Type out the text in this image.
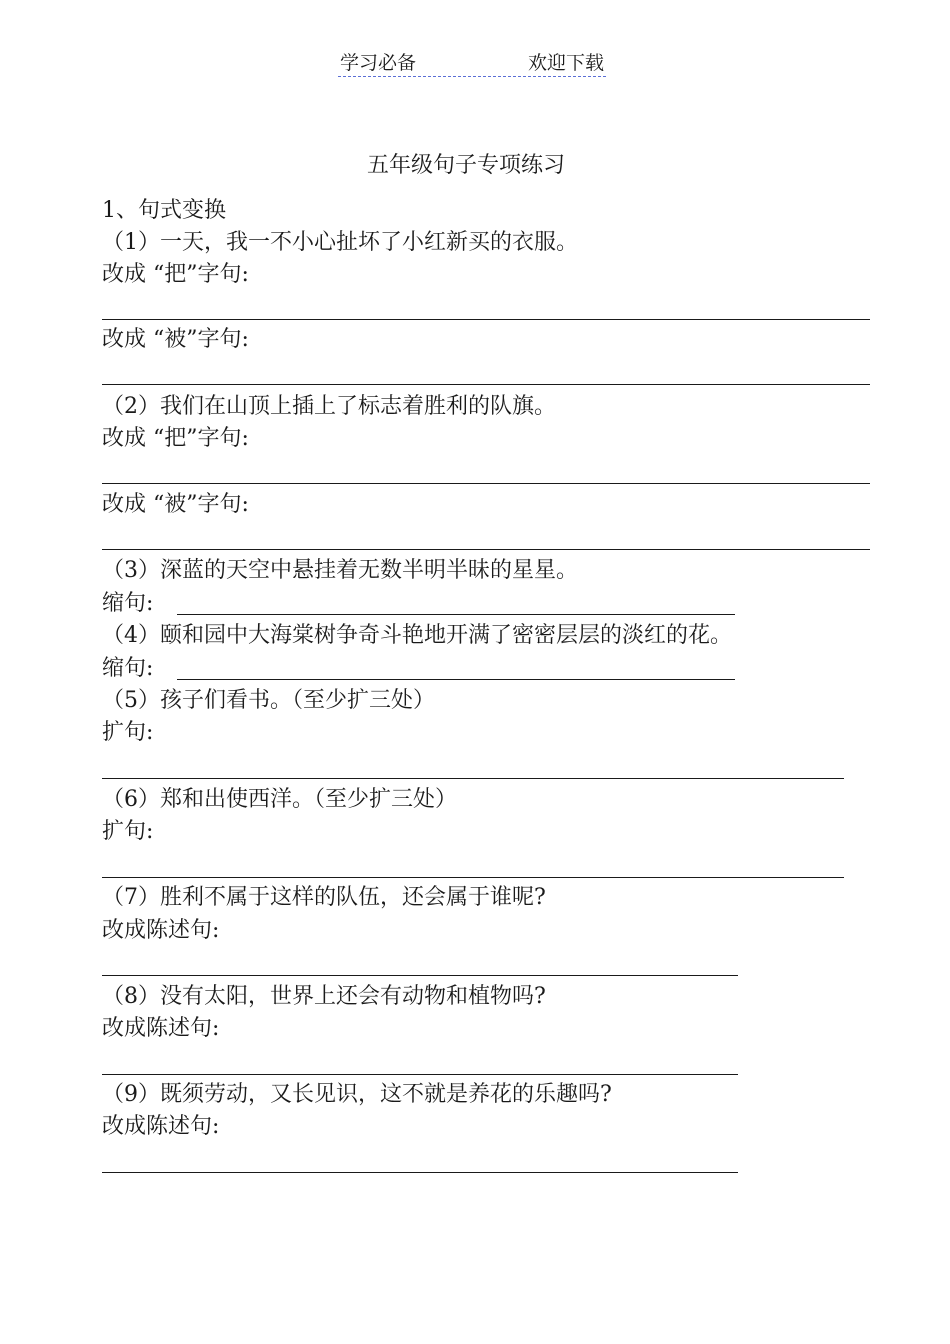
学习必备	欢迎下载
五年级句子专项练习
1、句式变换
（1）一天，我一不小心扯坏了小红新买的衣服。
改成 “把”字句:
改成 “被”字句:
（2）我们在山顶上插上了标志着胜利的队旗。
改成 “把”字句:
改成 “被”字句:
（3）深蓝的天空中悬挂着无数半明半昧的星星。
缩句:
（4）颐和园中大海棠树争奇斗艳地开满了密密层层的淡红的花。
缩句:
（5）孩子们看书。（至少扩三处）
扩句:
（6）郑和出使西洋。（至少扩三处）
扩句:
（7）胜利不属于这样的队伍，还会属于谁呢?
改成陈述句:
（8）没有太阳，世界上还会有动物和植物吗?
改成陈述句:
（9）既须劳动，又长见识，这不就是养花的乐趣吗?
改成陈述句:
